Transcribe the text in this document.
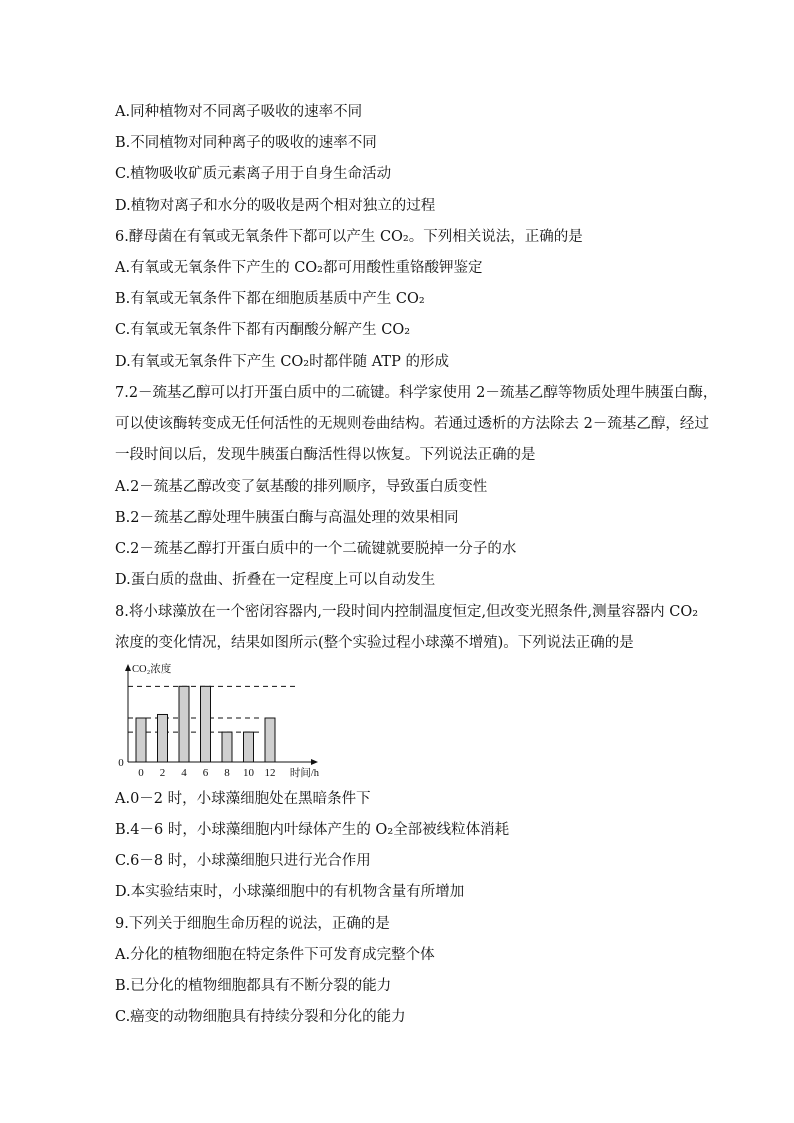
A.同种植物对不同离子吸收的速率不同
B.不同植物对同种离子的吸收的速率不同
C.植物吸收矿质元素离子用于自身生命活动
D.植物对离子和水分的吸收是两个相对独立的过程
6.酵母菌在有氧或无氧条件下都可以产生 CO₂。下列相关说法，正确的是
A.有氧或无氧条件下产生的 CO₂都可用酸性重铬酸钾鉴定
B.有氧或无氧条件下都在细胞质基质中产生 CO₂
C.有氧或无氧条件下都有丙酮酸分解产生 CO₂
D.有氧或无氧条件下产生 CO₂时都伴随 ATP 的形成
7.2－巯基乙醇可以打开蛋白质中的二硫键。科学家使用 2－巯基乙醇等物质处理牛胰蛋白酶，
可以使该酶转变成无任何活性的无规则卷曲结构。若通过透析的方法除去 2－巯基乙醇，经过
一段时间以后，发现牛胰蛋白酶活性得以恢复。下列说法正确的是
A.2－巯基乙醇改变了氨基酸的排列顺序，导致蛋白质变性
B.2－巯基乙醇处理牛胰蛋白酶与高温处理的效果相同
C.2－巯基乙醇打开蛋白质中的一个二硫键就要脱掉一分子的水
D.蛋白质的盘曲、折叠在一定程度上可以自动发生
8.将小球藻放在一个密闭容器内,一段时间内控制温度恒定,但改变光照条件,测量容器内 CO₂
浓度的变化情况，结果如图所示(整个实验过程小球藻不增殖)。下列说法正确的是
0 2 4 6 8 10 12
CO₂浓度
时间/h
0
A.0－2 时，小球藻细胞处在黑暗条件下
B.4－6 时，小球藻细胞内叶绿体产生的 O₂全部被线粒体消耗
C.6－8 时，小球藻细胞只进行光合作用
D.本实验结束时，小球藻细胞中的有机物含量有所增加
9.下列关于细胞生命历程的说法，正确的是
A.分化的植物细胞在特定条件下可发育成完整个体
B.已分化的植物细胞都具有不断分裂的能力
C.癌变的动物细胞具有持续分裂和分化的能力
